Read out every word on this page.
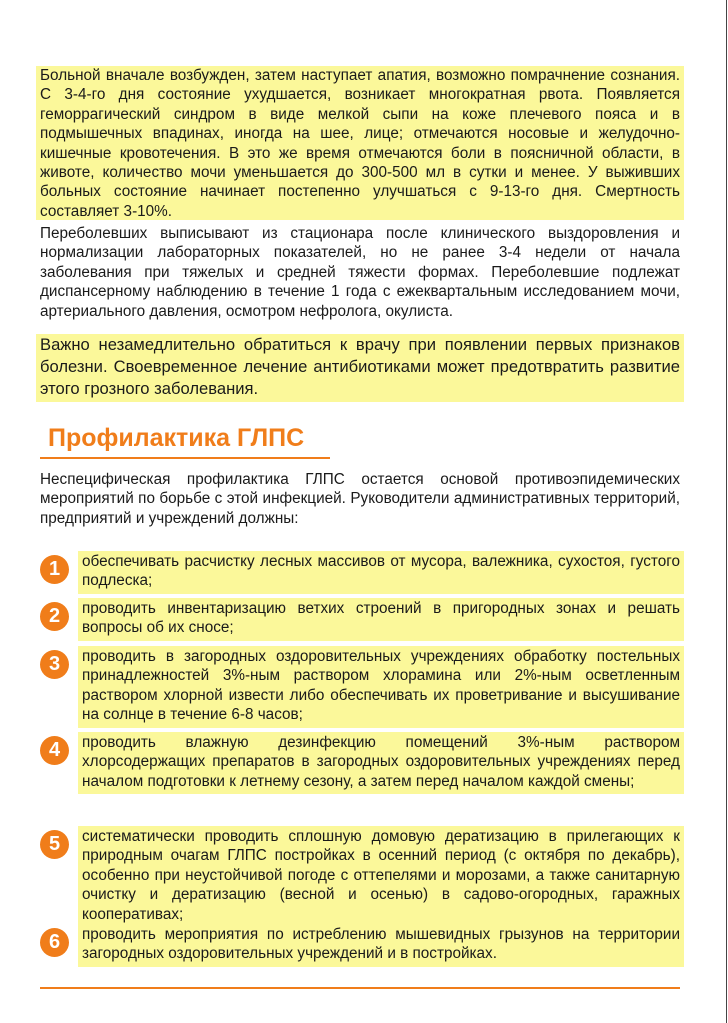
Больной вначале возбужден, затем наступает апатия, возможно помрачнение сознания. С 3-4-го дня состояние ухудшается, возникает многократная рвота. Появляется геморрагический синдром в виде мелкой сыпи на коже плечевого пояса и в подмышечных впадинах, иногда на шее, лице; отмечаются носовые и желудочно-кишечные кровотечения. В это же время отмечаются боли в поясничной области, в животе, количество мочи уменьшается до 300-500 мл в сутки и менее. У выживших больных состояние начинает постепенно улучшаться с 9-13-го дня. Смертность составляет 3-10%.
Переболевших выписывают из стационара после клинического выздоровления и нормализации лабораторных показателей, но не ранее 3-4 недели от начала заболевания при тяжелых и средней тяжести формах. Переболевшие подлежат диспансерному наблюдению в течение 1 года с ежеквартальным исследованием мочи, артериального давления, осмотром нефролога, окулиста.
Важно незамедлительно обратиться к врачу при появлении первых признаков болезни. Своевременное лечение антибиотиками может предотвратить развитие этого грозного заболевания.
Профилактика ГЛПС
Неспецифическая профилактика ГЛПС остается основой противоэпидемических мероприятий по борьбе с этой инфекцией. Руководители административных территорий, предприятий и учреждений должны:
1	обеспечивать расчистку лесных массивов от мусора, валежника, сухостоя, густого подлеска;
2	проводить инвентаризацию ветхих строений в пригородных зонах и решать вопросы об их сносе;
3	проводить в загородных оздоровительных учреждениях обработку постельных принадлежностей 3%-ным раствором хлорамина или 2%-ным осветленным раствором хлорной извести либо обеспечивать их проветривание и высушивание на солнце в течение 6-8 часов;
4	проводить влажную дезинфекцию помещений 3%-ным раствором хлорсодержащих препаратов в загородных оздоровительных учреждениях перед началом подготовки к летнему сезону, а затем перед началом каждой смены;
5	систематически проводить сплошную домовую дератизацию в прилегающих к природным очагам ГЛПС постройках в осенний период (с октября по декабрь), особенно при неустойчивой погоде с оттепелями и морозами, а также санитарную очистку и дератизацию (весной и осенью) в садово-огородных, гаражных кооперативах;
6	проводить мероприятия по истреблению мышевидных грызунов на территории загородных оздоровительных учреждений и в постройках.
